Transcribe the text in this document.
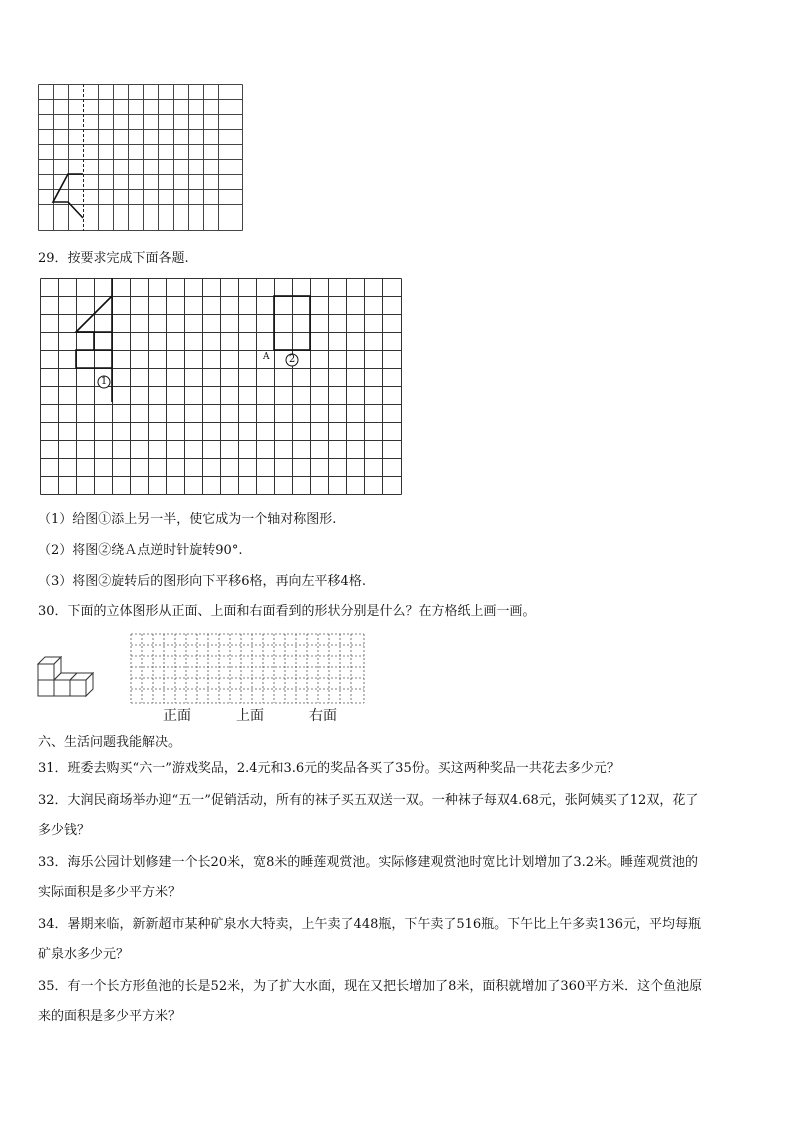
29．按要求完成下面各题.
1
2
A
（1）给图①添上另一半，使它成为一个轴对称图形.
（2）将图②绕Ａ点逆时针旋转90°.
（3）将图②旋转后的图形向下平移6格，再向左平移4格.
30．下面的立体图形从正面、上面和右面看到的形状分别是什么？在方格纸上画一画。
正面	上面	右面
六、生活问题我能解决。
31．班委去购买“六一”游戏奖品，2.4元和3.6元的奖品各买了35份。买这两种奖品一共花去多少元？
32．大润民商场举办迎“五一”促销活动，所有的袜子买五双送一双。一种袜子每双4.68元，张阿姨买了12双，花了
多少钱？
33．海乐公园计划修建一个长20米，宽8米的睡莲观赏池。实际修建观赏池时宽比计划增加了3.2米。睡莲观赏池的
实际面积是多少平方米？
34．暑期来临，新新超市某种矿泉水大特卖，上午卖了448瓶，下午卖了516瓶。下午比上午多卖136元，平均每瓶
矿泉水多少元？
35．有一个长方形鱼池的长是52米，为了扩大水面，现在又把长增加了8米，面积就增加了360平方米．这个鱼池原
来的面积是多少平方米？
